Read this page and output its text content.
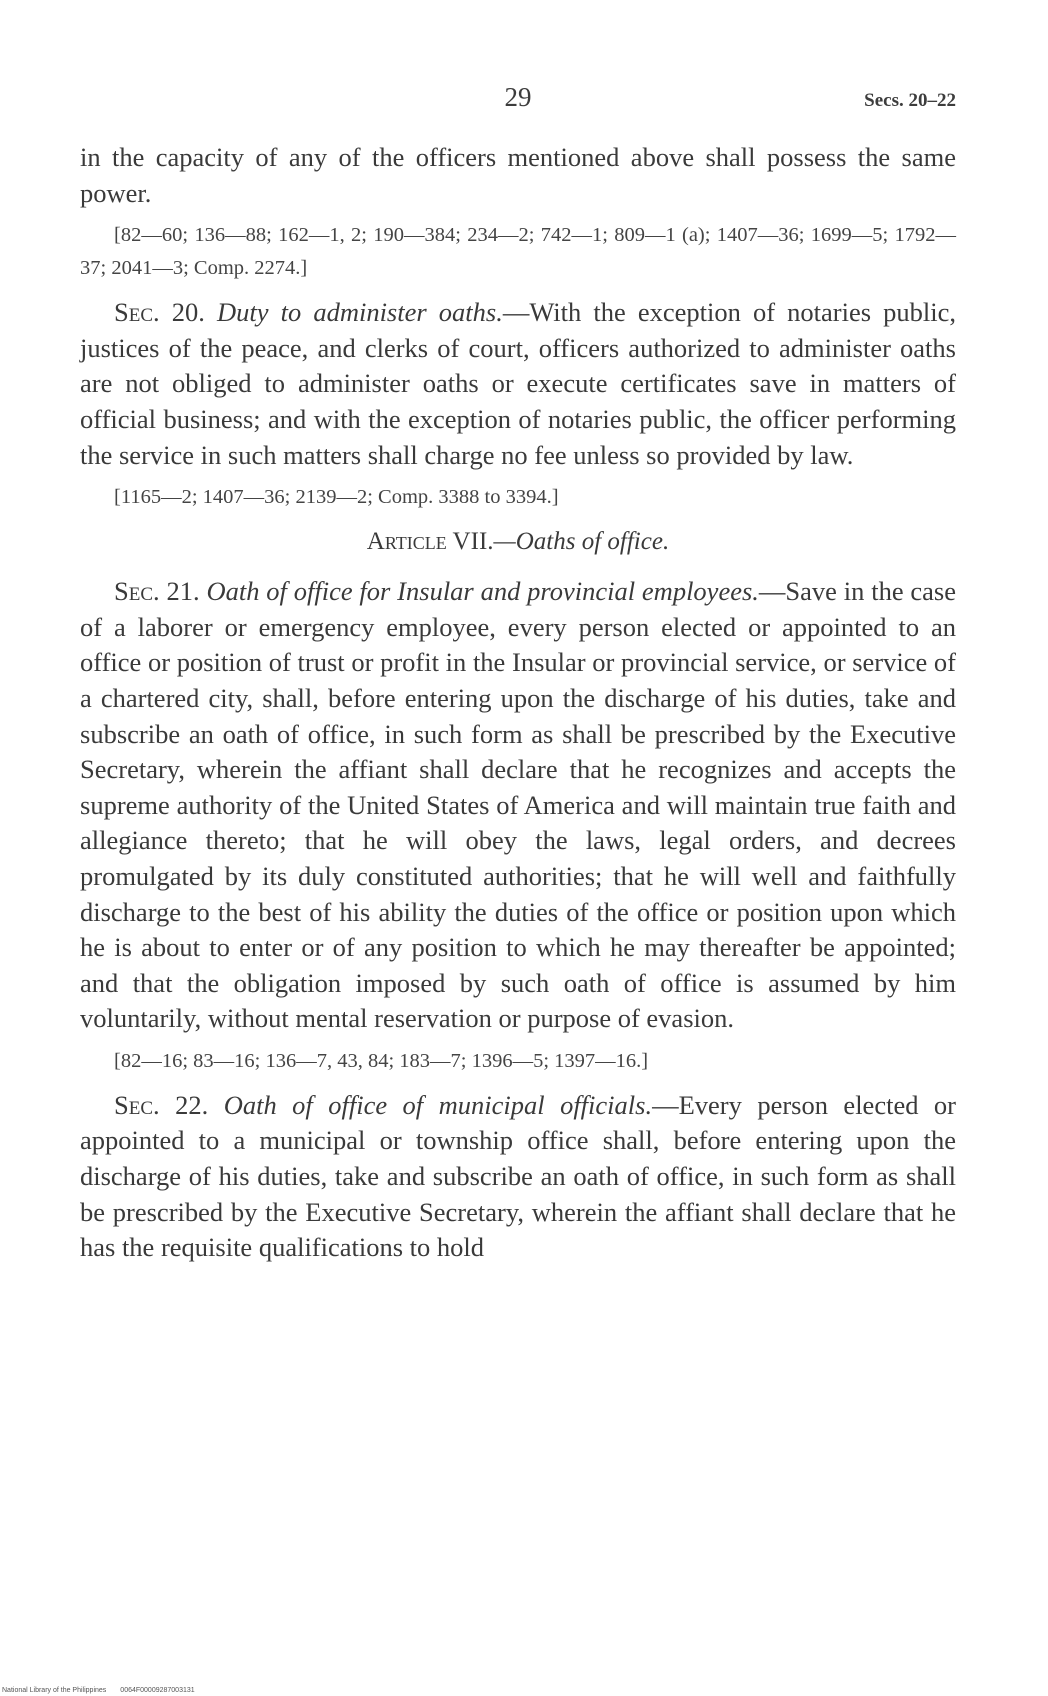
29	Secs. 20–22

in the capacity of any of the officers mentioned above shall possess the same power.

[82—60; 136—88; 162—1, 2; 190—384; 234—2; 742—1; 809—1 (a); 1407—36; 1699—5; 1792—37; 2041—3; Comp. 2274.]

Sec. 20. Duty to administer oaths.—With the exception of notaries public, justices of the peace, and clerks of court, officers authorized to administer oaths are not obliged to administer oaths or execute certificates save in matters of official business; and with the exception of notaries public, the officer performing the service in such matters shall charge no fee unless so provided by law.

[1165—2; 1407—36; 2139—2; Comp. 3388 to 3394.]

Article VII.—Oaths of office.

Sec. 21. Oath of office for Insular and provincial employees.—Save in the case of a laborer or emergency employee, every person elected or appointed to an office or position of trust or profit in the Insular or provincial service, or service of a chartered city, shall, before entering upon the discharge of his duties, take and subscribe an oath of office, in such form as shall be prescribed by the Executive Secretary, wherein the affiant shall declare that he recognizes and accepts the supreme authority of the United States of America and will maintain true faith and allegiance thereto; that he will obey the laws, legal orders, and decrees promulgated by its duly constituted authorities; that he will well and faithfully discharge to the best of his ability the duties of the office or position upon which he is about to enter or of any position to which he may thereafter be appointed; and that the obligation imposed by such oath of office is assumed by him voluntarily, without mental reservation or purpose of evasion.

[82—16; 83—16; 136—7, 43, 84; 183—7; 1396—5; 1397—16.]

Sec. 22. Oath of office of municipal officials.—Every person elected or appointed to a municipal or township office shall, before entering upon the discharge of his duties, take and subscribe an oath of office, in such form as shall be prescribed by the Executive Secretary, wherein the affiant shall declare that he has the requisite qualifications to hold

National Library of the Philippines 0064F00009287003131
